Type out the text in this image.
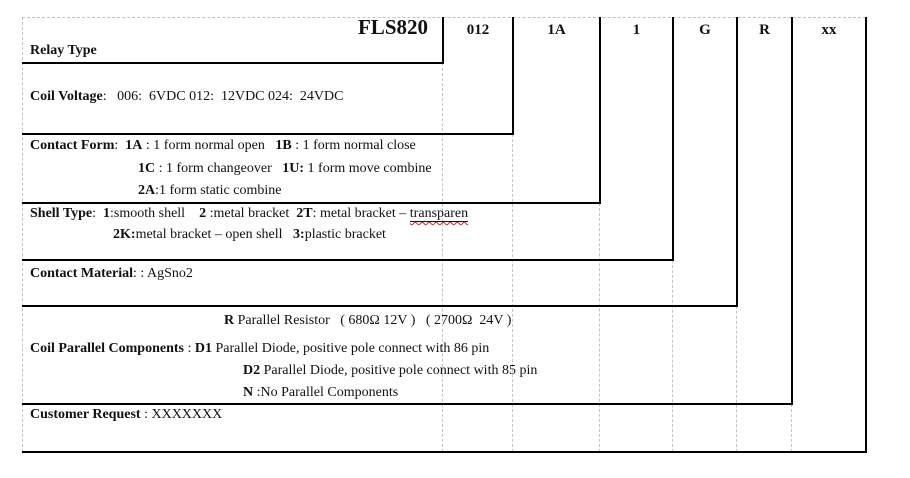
FLS820	012	1A	1	G	R	xx
Relay Type
Coil Voltage:   006:  6VDC 012:  12VDC 024:  24VDC
Contact Form:  1A : 1 form normal open   1B : 1 form normal close
1C : 1 form changeover   1U: 1 form move combine
2A:1 form static combine
Shell Type:  1:smooth shell    2 :metal bracket  2T: metal bracket – transparen
2K:metal bracket – open shell   3:plastic bracket
Contact Material: : AgSno2
R Parallel Resistor   ( 680Ω 12V )   ( 2700Ω  24V )
Coil Parallel Components : D1 Parallel Diode, positive pole connect with 86 pin
D2 Parallel Diode, positive pole connect with 85 pin
N :No Parallel Components
Customer Request : XXXXXXX
